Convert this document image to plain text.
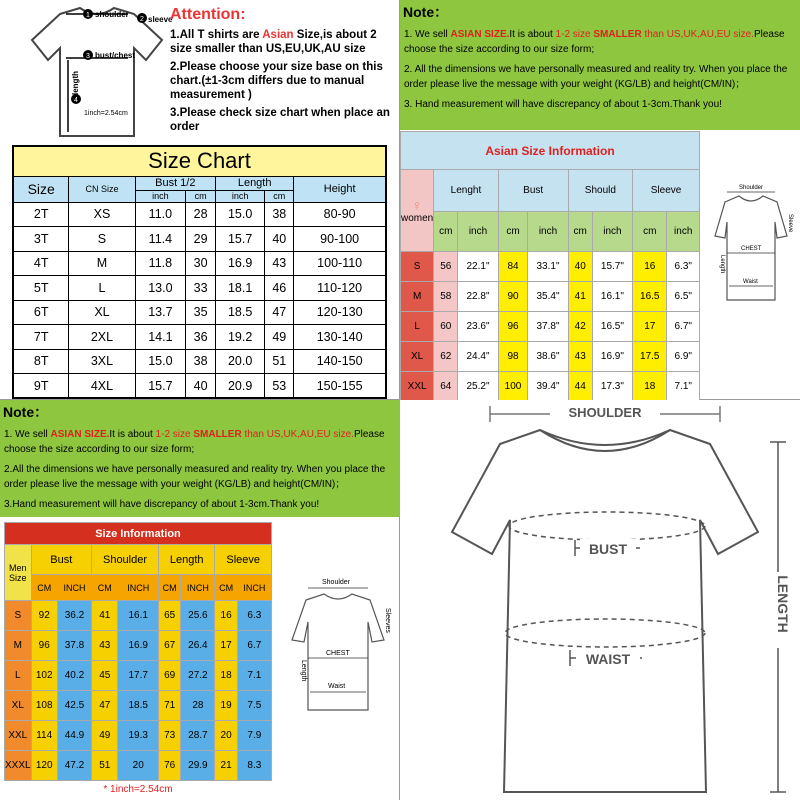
1
2
3
4
shoulder
sleeve
bust/chest
length
1inch=2.54cm
Attention:

1.All T shirts are Asian Size,is about 2 size smaller than US,EU,UK,AU size

2.Please choose your size base on this chart.(±1-3cm differs due to manual measurement )

3.Please check size chart when place an order

Size Chart						
Size	CN Size	Bust 1/2		Length		Height
		inch	cm	inch	cm	
2T	XS	11.0	28	15.0	38	80-90
3T	S	11.4	29	15.7	40	90-100
4T	M	11.8	30	16.9	43	100-110
5T	L	13.0	33	18.1	46	110-120
6T	XL	13.7	35	18.5	47	120-130
7T	2XL	14.1	36	19.2	49	130-140
8T	3XL	15.0	38	20.0	51	140-150
9T	4XL	15.7	40	20.9	53	150-155
Note：

1. We sell ASIAN SIZE.It is about 1-2 size SMALLER than US,UK,AU,EU size.Please choose the size according to our size form;

2. All the dimensions we have personally measured and reality try. When you place the order please live the message with your weight (KG/LB) and height(CM/IN)；

3. Hand measurement will have discrepancy of about 1-3cm.Thank you!

Asian Size Information								
♀
women	Lenght		Bust		Should		Sleeve	
	cm	inch	cm	inch	cm	inch	cm	inch
S	56	22.1"	84	33.1"	40	15.7"	16	6.3"
M	58	22.8"	90	35.4"	41	16.1"	16.5	6.5"
L	60	23.6"	96	37.8"	42	16.5"	17	6.7"
XL	62	24.4"	98	38.6"	43	16.9"	17.5	6.9"
XXL	64	25.2"	100	39.4"	44	17.3"	18	7.1"

Shoulder
Sleeve
CHEST
Length
Waist
Note：

1. We sell ASIAN SIZE.It is about 1-2 size SMALLER than US,UK,AU,EU size.Please choose the size according to our size form;

2.All the dimensions we have personally measured and reality try. When you place the order please live the message with your weight (KG/LB) and height(CM/IN)；

3.Hand measurement will have discrepancy of about 1-3cm.Thank you!

Size Information								
Men Size	Bust		Shoulder		Length		Sleeve	
	CM	INCH	CM	INCH	CM	INCH	CM	INCH
S	92	36.2	41	16.1	65	25.6	16	6.3
M	96	37.8	43	16.9	67	26.4	17	6.7
L	102	40.2	45	17.7	69	27.2	18	7.1
XL	108	42.5	47	18.5	71	28	19	7.5
XXL	114	44.9	49	19.3	73	28.7	20	7.9
XXXL	120	47.2	51	20	76	29.9	21	8.3
* 1inch=2.54cm								
Shoulder
Sleeves
CHEST
Length
Waist
SHOULDER
BUST
WAIST
LENGTH
